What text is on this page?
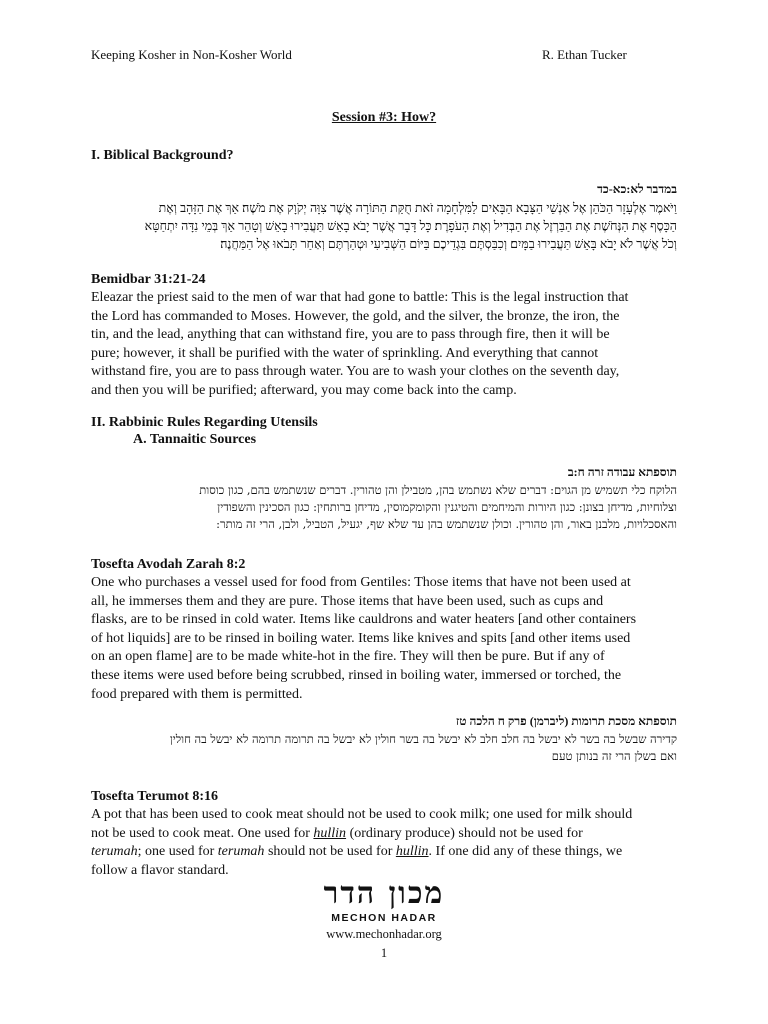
Keeping Kosher in Non-Kosher World	R. Ethan Tucker
Session #3: How?
I. Biblical Background?
במדבר לא:כא-כד
וַיֹּאמֶר אֶלְעָזָר הַכֹּהֵן אֶל אַנְשֵׁי הַצָּבָא הַבָּאִים לַמִּלְחָמָה זֹאת חֻקַּת הַתּוֹרָה אֲשֶׁר צִוָּה יְקֹוָק אֶת מֹשֶׁה׃ אַךְ אֶת הַזָּהָב וְאֶת
הַכָּסֶף אֶת הַנְּחֹשֶׁת אֶת הַבַּרְזֶל אֶת הַבְּדִיל וְאֶת הָעֹפָרֶת׃ כָּל דָּבָר אֲשֶׁר יָבֹא בָאֵשׁ תַּעֲבִירוּ בָאֵשׁ וְטָהֵר אַךְ בְּמֵי נִדָּה יִתְחַטָּא
וְכֹל אֲשֶׁר לֹא יָבֹא בָּאֵשׁ תַּעֲבִירוּ בַמָּיִם׃ וְכִבַּסְתֶּם בִּגְדֵיכֶם בַּיּוֹם הַשְּׁבִיעִי וּטְהַרְתֶּם וְאַחַר תָּבֹאוּ אֶל הַמַּחֲנֶה׃
Bemidbar 31:21-24
Eleazar the priest said to the men of war that had gone to battle: This is the legal instruction that
the Lord has commanded to Moses. However, the gold, and the silver, the bronze, the iron, the
tin, and the lead, anything that can withstand fire, you are to pass through fire, then it will be
pure; however, it shall be purified with the water of sprinkling. And everything that cannot
withstand fire, you are to pass through water. You are to wash your clothes on the seventh day,
and then you will be purified; afterward, you may come back into the camp.
II. Rabbinic Rules Regarding Utensils
A. Tannaitic Sources
תוספתא עבודה זרה ח:ב
הלוקח כלי תשמיש מן הגוים: דברים שלא נשתמש בהן, מטבילן והן טהורין. דברים שנשתמש בהם, כגון כוסות
וצלוחיות, מדיחן בצונן: כגון היורות והמיחמים והטיגנין והקומקמוסין, מדיחן ברותחין: כגון הסכינין והשפודין
והאסכלויות, מלבנן באור, והן טהורין. וכולן שנשתמש בהן עד שלא שף, יגעיל, הטביל, ולבן, הרי זה מותר:
Tosefta Avodah Zarah 8:2
One who purchases a vessel used for food from Gentiles: Those items that have not been used at
all, he immerses them and they are pure. Those items that have been used, such as cups and
flasks, are to be rinsed in cold water. Items like cauldrons and water heaters [and other containers
of hot liquids] are to be rinsed in boiling water. Items like knives and spits [and other items used
on an open flame] are to be made white-hot in the fire. They will then be pure. But if any of
these items were used before being scrubbed, rinsed in boiling water, immersed or torched, the
food prepared with them is permitted.
תוספתא מסכת תרומות (ליברמן) פרק ח הלכה טז
קדירה שבשל בה בשר לא יבשל בה חלב חלב לא יבשל בה בשר חולין לא יבשל בה תרומה תרומה לא יבשל בה חולין
ואם בשלן הרי זה בנותן טעם
Tosefta Terumot 8:16
A pot that has been used to cook meat should not be used to cook milk; one used for milk should
not be used to cook meat. One used for hullin (ordinary produce) should not be used for
terumah; one used for terumah should not be used for hullin. If one did any of these things, we
follow a flavor standard.
מכון הדר
MECHON HADAR
www.mechonhadar.org
1
